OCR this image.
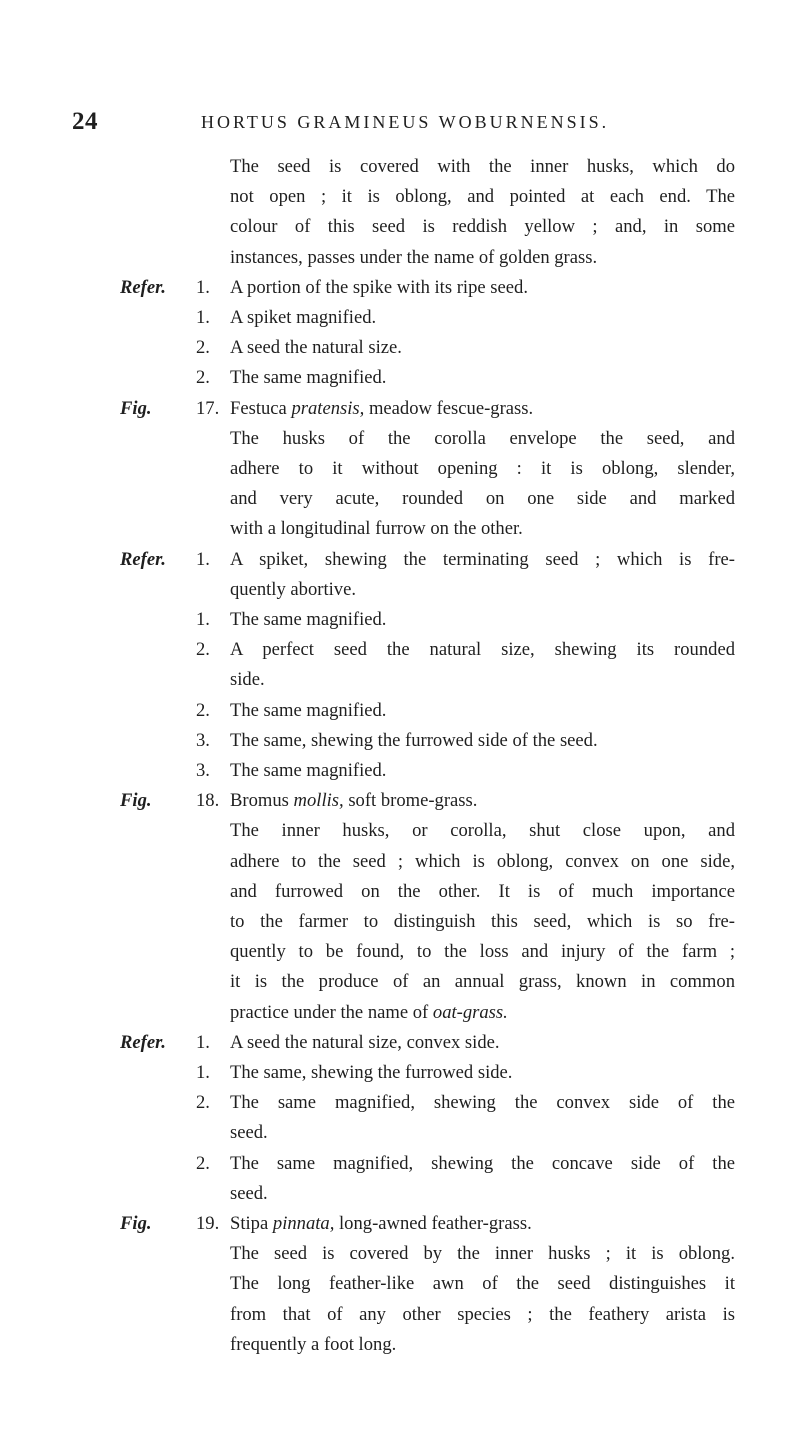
24	HORTUS GRAMINEUS WOBURNENSIS.
The seed is covered with the inner husks, which do
not open ; it is oblong, and pointed at each end. The
colour of this seed is reddish yellow ; and, in some
instances, passes under the name of golden grass.
Refer. 1. A portion of the spike with its ripe seed.
1. A spiket magnified.
2. A seed the natural size.
2. The same magnified.
Fig. 17. Festuca pratensis, meadow fescue-grass.
The husks of the corolla envelope the seed, and
adhere to it without opening : it is oblong, slender,
and very acute, rounded on one side and marked
with a longitudinal furrow on the other.
Refer. 1. A spiket, shewing the terminating seed ; which is fre-
quently abortive.
1. The same magnified.
2. A perfect seed the natural size, shewing its rounded
side.
2. The same magnified.
3. The same, shewing the furrowed side of the seed.
3. The same magnified.
Fig. 18. Bromus mollis, soft brome-grass.
The inner husks, or corolla, shut close upon, and
adhere to the seed ; which is oblong, convex on one side,
and furrowed on the other. It is of much importance
to the farmer to distinguish this seed, which is so fre-
quently to be found, to the loss and injury of the farm ;
it is the produce of an annual grass, known in common
practice under the name of oat-grass.
Refer. 1. A seed the natural size, convex side.
1. The same, shewing the furrowed side.
2. The same magnified, shewing the convex side of the
seed.
2. The same magnified, shewing the concave side of the
seed.
Fig. 19. Stipa pinnata, long-awned feather-grass.
The seed is covered by the inner husks ; it is oblong.
The long feather-like awn of the seed distinguishes it
from that of any other species ; the feathery arista is
frequently a foot long.
